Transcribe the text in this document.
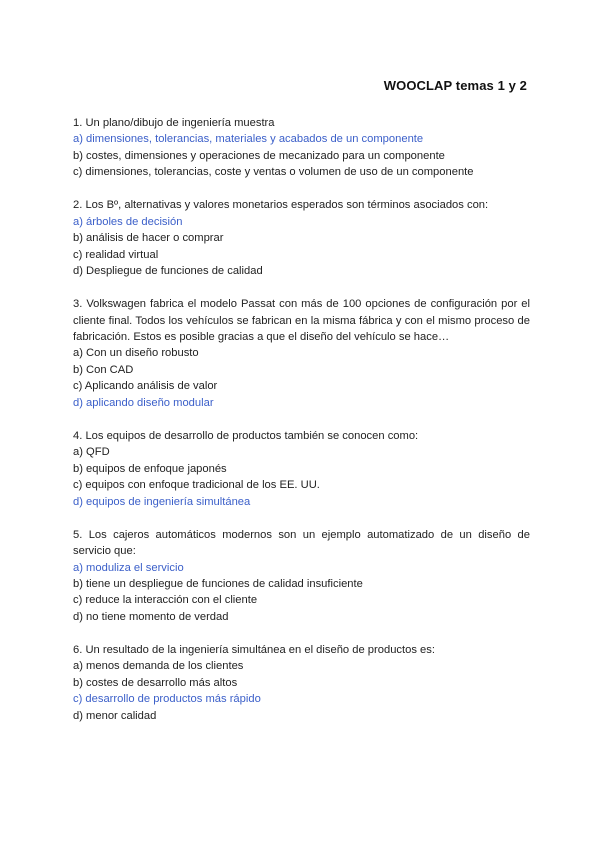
WOOCLAP temas 1 y 2
1. Un plano/dibujo de ingeniería muestra
a) dimensiones, tolerancias, materiales y acabados de un componente
b) costes, dimensiones y operaciones de mecanizado para un componente
c) dimensiones, tolerancias, coste y ventas o volumen de uso de un componente
2. Los Bº, alternativas y valores monetarios esperados son términos asociados con:
a) árboles de decisión
b) análisis de hacer o comprar
c) realidad virtual
d) Despliegue de funciones de calidad
3. Volkswagen fabrica el modelo Passat con más de 100 opciones de configuración por el cliente final. Todos los vehículos se fabrican en la misma fábrica y con el mismo proceso de fabricación. Estos es posible gracias a que el diseño del vehículo se hace…
a) Con un diseño robusto
b) Con CAD
c) Aplicando análisis de valor
d) aplicando diseño modular
4. Los equipos de desarrollo de productos también se conocen como:
a) QFD
b) equipos de enfoque japonés
c) equipos con enfoque tradicional de los EE. UU.
d) equipos de ingeniería simultánea
5. Los cajeros automáticos modernos son un ejemplo automatizado de un diseño de servicio que:
a) moduliza el servicio
b) tiene un despliegue de funciones de calidad insuficiente
c) reduce la interacción con el cliente
d) no tiene momento de verdad
6. Un resultado de la ingeniería simultánea en el diseño de productos es:
a) menos demanda de los clientes
b) costes de desarrollo más altos
c) desarrollo de productos más rápido
d) menor calidad
